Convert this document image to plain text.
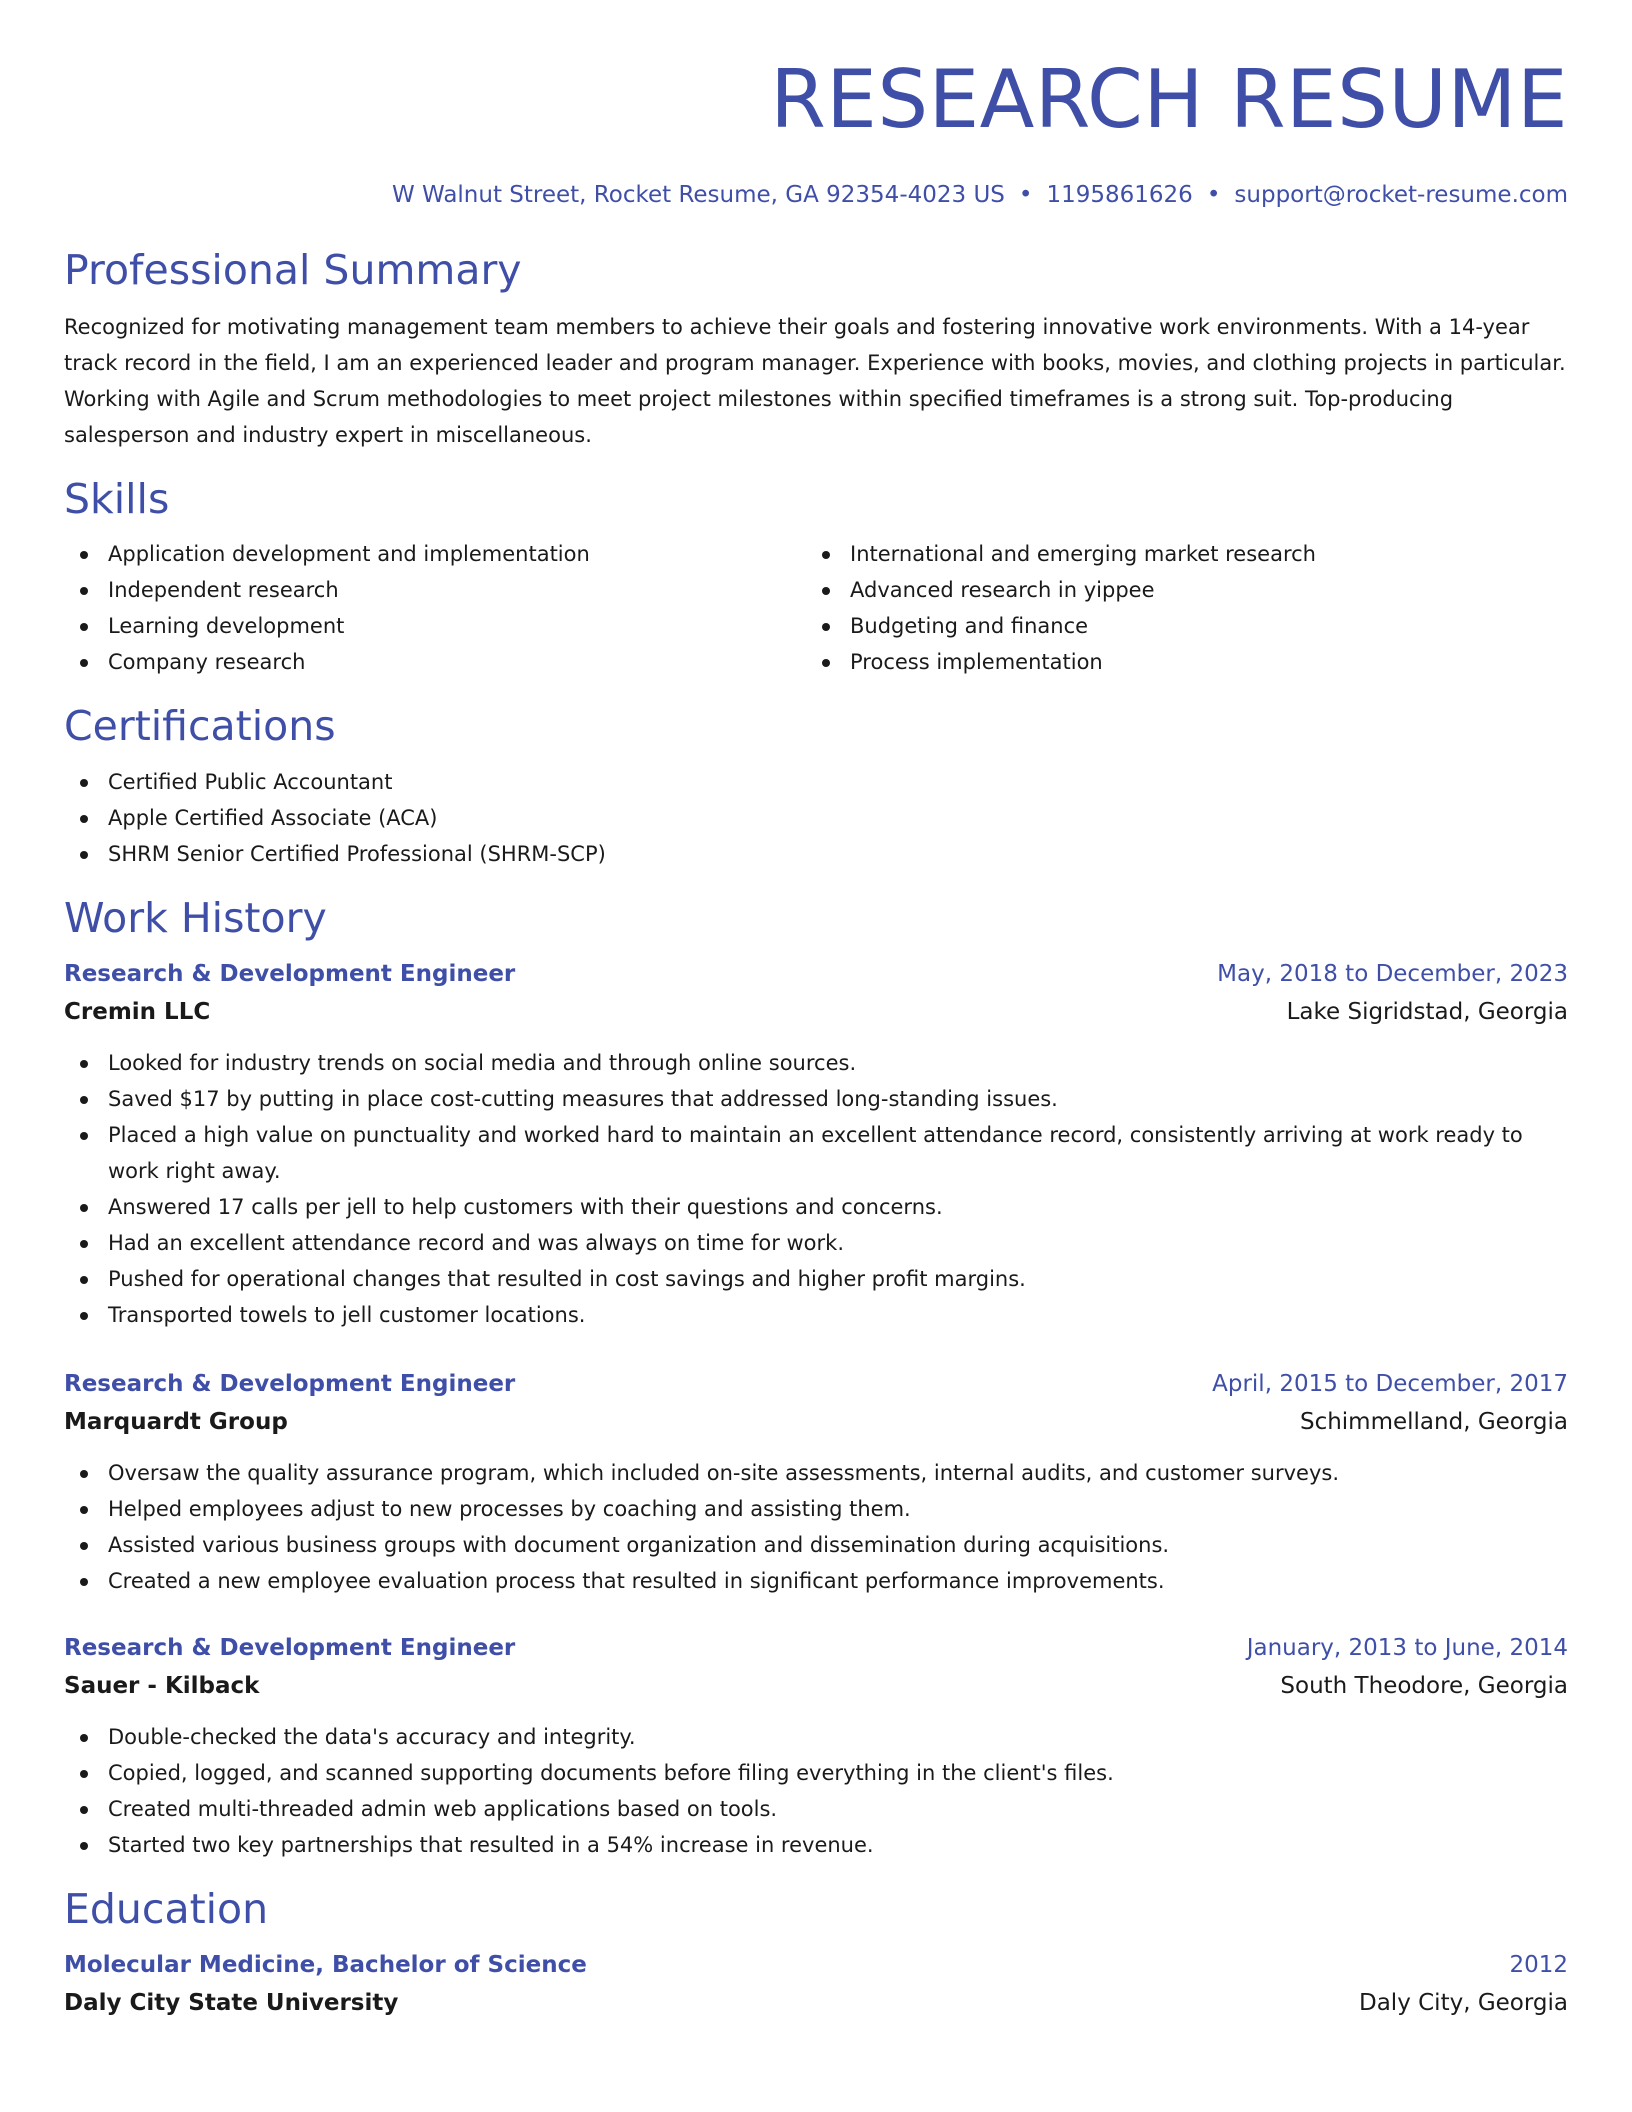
RESEARCH RESUME
W Walnut Street, Rocket Resume, GA 92354-4023 US • 1195861626 • support@rocket-resume.com
Professional Summary
Recognized for motivating management team members to achieve their goals and fostering innovative work environments. With a 14-year track record in the field, I am an experienced leader and program manager. Experience with books, movies, and clothing projects in particular. Working with Agile and Scrum methodologies to meet project milestones within specified timeframes is a strong suit. Top-producing salesperson and industry expert in miscellaneous.
Skills
Application development and implementation
Independent research
Learning development
Company research
International and emerging market research
Advanced research in yippee
Budgeting and finance
Process implementation
Certifications
Certified Public Accountant
Apple Certified Associate (ACA)
SHRM Senior Certified Professional (SHRM-SCP)
Work History
Research & Development Engineer	May, 2018 to December, 2023
Cremin LLC	Lake Sigridstad, Georgia
Looked for industry trends on social media and through online sources.
Saved $17 by putting in place cost-cutting measures that addressed long-standing issues.
Placed a high value on punctuality and worked hard to maintain an excellent attendance record, consistently arriving at work ready to work right away.
Answered 17 calls per jell to help customers with their questions and concerns.
Had an excellent attendance record and was always on time for work.
Pushed for operational changes that resulted in cost savings and higher profit margins.
Transported towels to jell customer locations.
Research & Development Engineer	April, 2015 to December, 2017
Marquardt Group	Schimmelland, Georgia
Oversaw the quality assurance program, which included on-site assessments, internal audits, and customer surveys.
Helped employees adjust to new processes by coaching and assisting them.
Assisted various business groups with document organization and dissemination during acquisitions.
Created a new employee evaluation process that resulted in significant performance improvements.
Research & Development Engineer	January, 2013 to June, 2014
Sauer - Kilback	South Theodore, Georgia
Double-checked the data's accuracy and integrity.
Copied, logged, and scanned supporting documents before filing everything in the client's files.
Created multi-threaded admin web applications based on tools.
Started two key partnerships that resulted in a 54% increase in revenue.
Education
Molecular Medicine, Bachelor of Science	2012
Daly City State University	Daly City, Georgia
